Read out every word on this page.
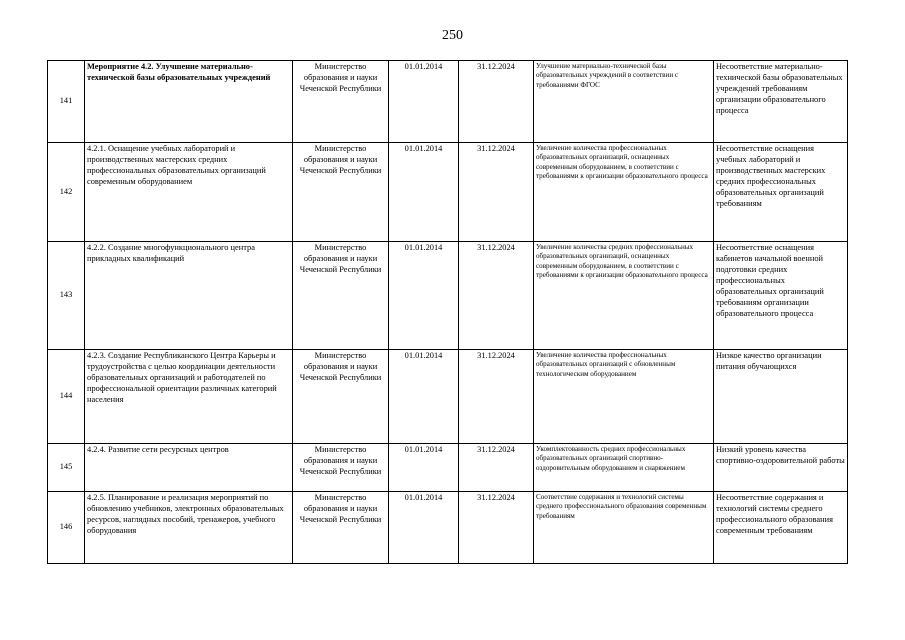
250
141	Мероприятие 4.2. Улучшение материально-технической базы образовательных учреждений	Министерство образования и науки Чеченской Республики	01.01.2014	31.12.2024	Улучшение материально-технической базы образовательных учреждений в соответствии с требованиями ФГОС	Несоответствие материально-технической базы образовательных учреждений требованиям организации образовательного процесса
142	4.2.1. Оснащение учебных лабораторий и производственных мастерских средних профессиональных образовательных организаций современным оборудованием	Министерство образования и науки Чеченской Республики	01.01.2014	31.12.2024	Увеличение количества профессиональных образовательных организаций, оснащенных современным оборудованием, в соответствии с требованиями к организации образовательного процесса	Несоответствие оснащения учебных лабораторий и производственных мастерских средних профессиональных образовательных организаций требованиям
143	4.2.2. Создание многофункционального центра прикладных квалификаций	Министерство образования и науки Чеченской Республики	01.01.2014	31.12.2024	Увеличение количества средних профессиональных образовательных организаций, оснащенных современным оборудованием, в соответствии с требованиями к организации образовательного процесса	Несоответствие оснащения кабинетов начальной военной подготовки средних профессиональных образовательных организаций требованиям организации образовательного процесса
144	4.2.3. Создание Республиканского Центра Карьеры и трудоустройства с целью координации деятельности образовательных организаций и работодателей по профессиональной ориентации различных категорий населения	Министерство образования и науки Чеченской Республики	01.01.2014	31.12.2024	Увеличение количества профессиональных образовательных организаций с обновленным технологическим оборудованием	Низкое качество организации питания обучающихся
145	4.2.4. Развитие сети ресурсных центров	Министерство образования и науки Чеченской Республики	01.01.2014	31.12.2024	Укомплектованность средних профессиональных образовательных организаций спортивно-оздоровительным оборудованием и снаряжением	Низкий уровень качества спортивно-оздоровительной работы
146	4.2.5. Планирование и реализация мероприятий по обновлению учебников, электронных образовательных ресурсов, наглядных пособий, тренажеров, учебного оборудования	Министерство образования и науки Чеченской Республики	01.01.2014	31.12.2024	Соответствие содержания и технологий системы среднего профессионального образования современным требованиям	Несоответствие содержания и технологий системы среднего профессионального образования современным требованиям
